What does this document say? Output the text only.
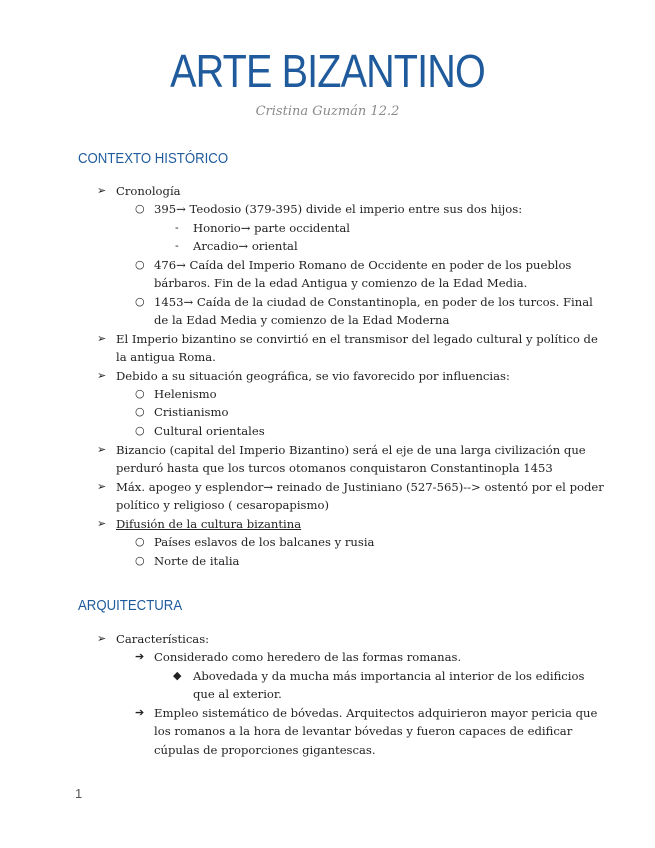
ARTE BIZANTINO
Cristina Guzmán 12.2
CONTEXTO HISTÓRICO
➢ Cronología
○ 395→ Teodosio (379-395) divide el imperio entre sus dos hijos:
- Honorio→ parte occidental
- Arcadio→ oriental
○ 476→ Caída del Imperio Romano de Occidente en poder de los pueblos
bárbaros. Fin de la edad Antigua y comienzo de la Edad Media.
○ 1453→ Caída de la ciudad de Constantinopla, en poder de los turcos. Final
de la Edad Media y comienzo de la Edad Moderna
➢ El Imperio bizantino se convirtió en el transmisor del legado cultural y político de
la antigua Roma.
➢ Debido a su situación geográfica, se vio favorecido por influencias:
○ Helenismo
○ Cristianismo
○ Cultural orientales
➢ Bizancio (capital del Imperio Bizantino) será el eje de una larga civilización que
perduró hasta que los turcos otomanos conquistaron Constantinopla 1453
➢ Máx. apogeo y esplendor→ reinado de Justiniano (527-565)--> ostentó por el poder
político y religioso ( cesaropapismo)
➢ Difusión de la cultura bizantina
○ Países eslavos de los balcanes y rusia
○ Norte de italia
ARQUITECTURA
➢ Características:
➔ Considerado como heredero de las formas romanas.
◆ Abovedada y da mucha más importancia al interior de los edificios
que al exterior.
➔ Empleo sistemático de bóvedas. Arquitectos adquirieron mayor pericia que
los romanos a la hora de levantar bóvedas y fueron capaces de edificar
cúpulas de proporciones gigantescas.
1
